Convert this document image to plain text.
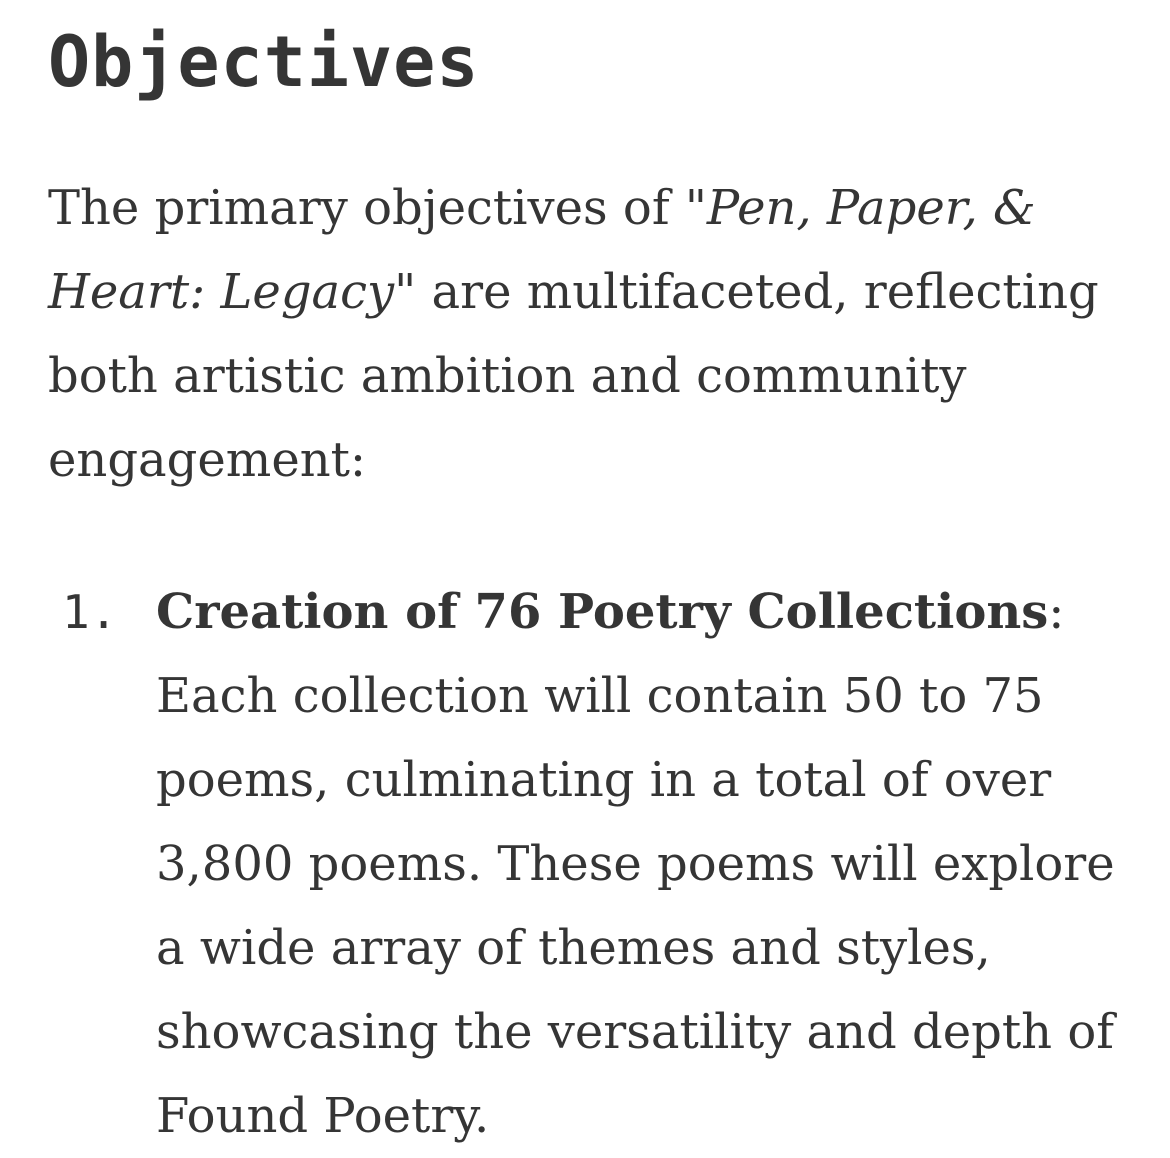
Objectives

The primary objectives of "Pen, Paper, & Heart: Legacy" are multifaceted, reflecting both artistic ambition and community engagement:

1. Creation of 76 Poetry Collections: Each collection will contain 50 to 75 poems, culminating in a total of over 3,800 poems. These poems will explore a wide array of themes and styles, showcasing the versatility and depth of Found Poetry.
